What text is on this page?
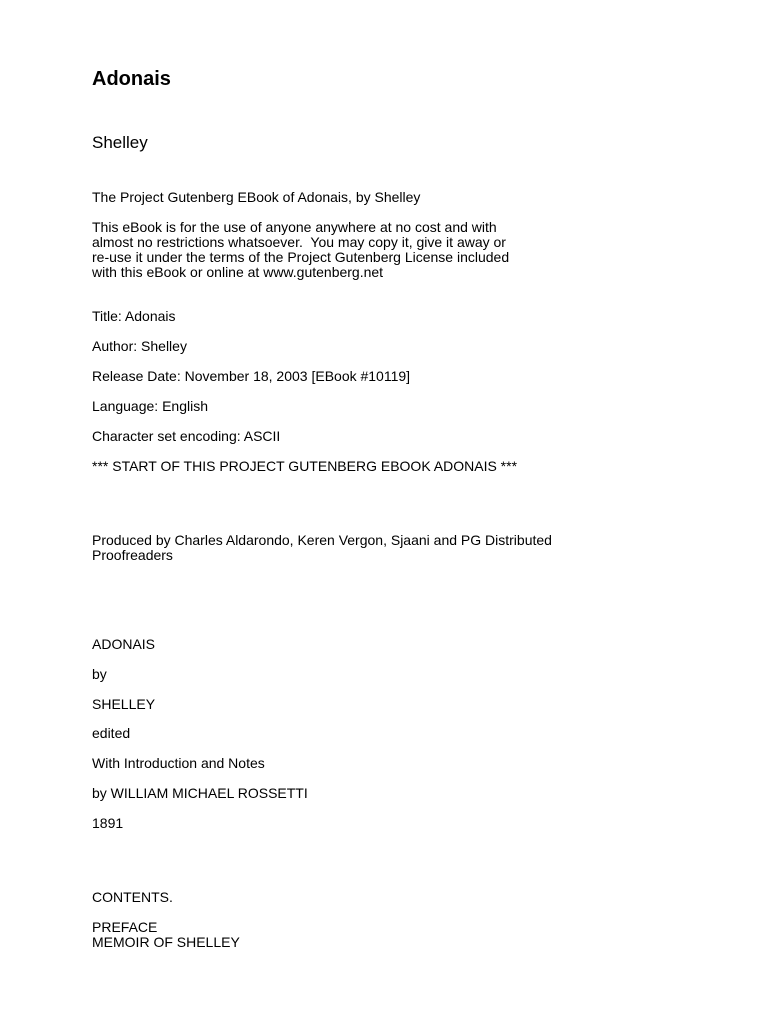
Adonais
Shelley

The Project Gutenberg EBook of Adonais, by Shelley

This eBook is for the use of anyone anywhere at no cost and with

almost no restrictions whatsoever.  You may copy it, give it away or

re-use it under the terms of the Project Gutenberg License included

with this eBook or online at www.gutenberg.net

Title: Adonais

Author: Shelley

Release Date: November 18, 2003 [EBook #10119]

Language: English

Character set encoding: ASCII

*** START OF THIS PROJECT GUTENBERG EBOOK ADONAIS ***

Produced by Charles Aldarondo, Keren Vergon, Sjaani and PG Distributed

Proofreaders

ADONAIS

by

SHELLEY

edited

With Introduction and Notes

by WILLIAM MICHAEL ROSSETTI

1891

CONTENTS.

PREFACE

MEMOIR OF SHELLEY
